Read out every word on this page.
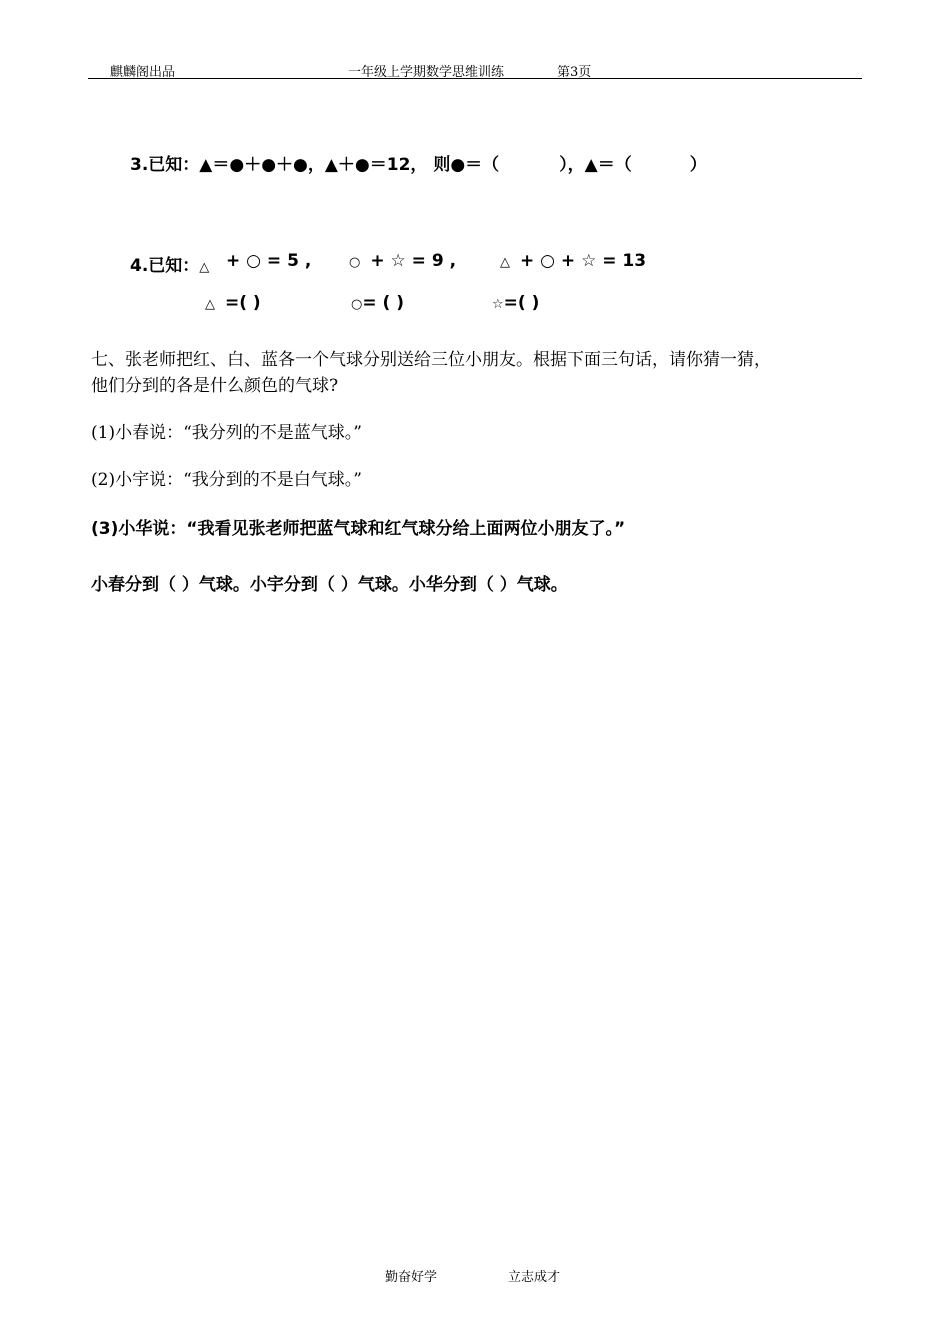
麒麟阁出品	一年级上学期数学思维训练	第3页
3.已知：▲＝●＋●＋●，▲＋●＝12， 则●＝（	），▲＝（	）
4.已知：△ + ○ = 5 ,	○ + ☆ = 9 ,	△ + ○ + ☆ = 13
△ =( )	○= ( )	☆=( )
七、张老师把红、白、蓝各一个气球分别送给三位小朋友。根据下面三句话，请你猜一猜，
他们分到的各是什么颜色的气球?
(1)小春说：“我分列的不是蓝气球。”
(2)小宇说：“我分到的不是白气球。”
(3)小华说：“我看见张老师把蓝气球和红气球分给上面两位小朋友了。”
小春分到（ ）气球。小宇分到（ ）气球。小华分到（ ）气球。
勤奋好学	立志成才
